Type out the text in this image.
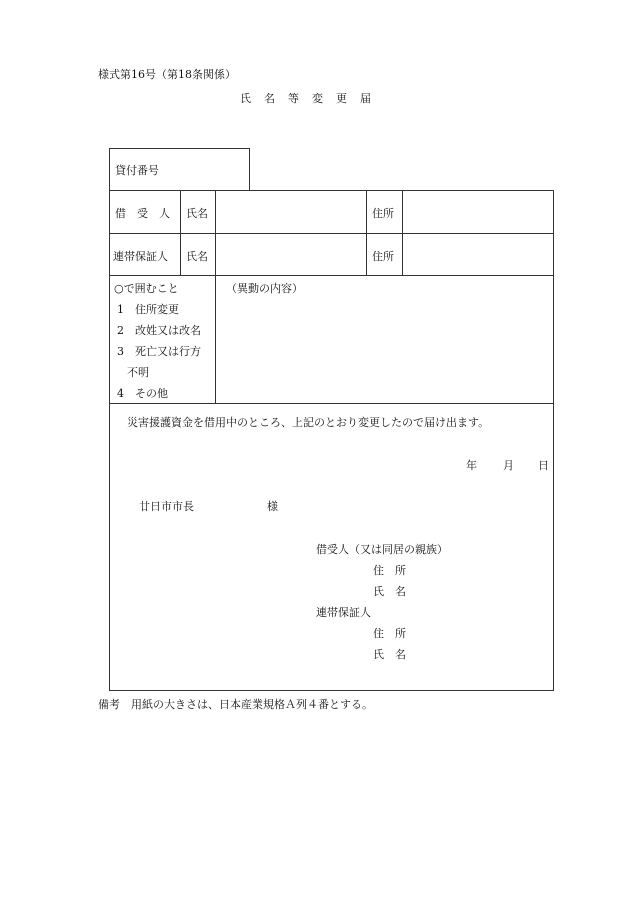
様式第16号（第18条関係）
氏　名　等　変　更　届
貸付番号
借　受　人 氏名	住所
連帯保証人 氏名	住所
○で囲むこと
1　住所変更
2　改姓又は改名
3　死亡又は行方
不明
4　その他
（異動の内容）
災害援護資金を借用中のところ、上記のとおり変更したので届け出ます。
年 月 日
廿日市市長	様
借受人（又は同居の親族）
住　所
氏　名
連帯保証人
住　所
氏　名
備考　用紙の大きさは、日本産業規格Ａ列４番とする。
